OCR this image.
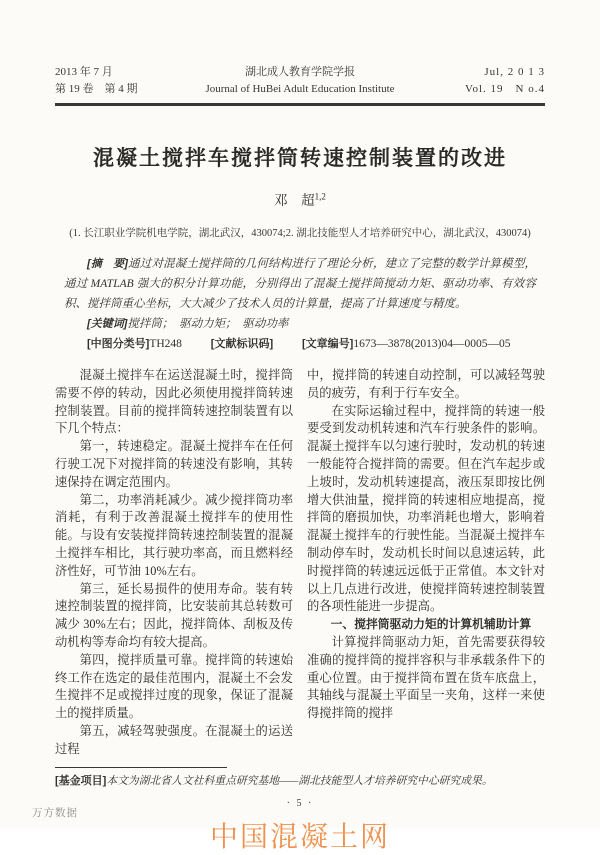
2013 年 7 月
第 19 卷　第 4 期
湖北成人教育学院学报
Journal of HuBei Adult Education Institute
Jul, 2 0 1 3
Vol. 19　N o.4
混凝土搅拌车搅拌筒转速控制装置的改进
邓　超$^{1,2}$
(1. 长江职业学院机电学院，湖北武汉，430074;2. 湖北技能型人才培养研究中心，湖北武汉，430074)
[摘　要]通过对混凝土搅拌筒的几何结构进行了理论分析，建立了完整的数学计算模型，通过 MATLAB 强大的积分计算功能，分别得出了混凝土搅拌筒搅动力矩、驱动功率、有效容积、搅拌筒重心坐标，大大减少了技术人员的计算量，提高了计算速度与精度。
[关键词]搅拌筒；　驱动力矩；　驱动功率
[中图分类号]TH248	[文献标识码]	[文章编号]1673—3878(2013)04—0005—05

混凝土搅拌车在运送混凝土时，搅拌筒需要不停的转动，因此必须使用搅拌筒转速控制装置。目前的搅拌筒转速控制装置有以下几个特点：

第一，转速稳定。混凝土搅拌车在任何行驶工况下对搅拌筒的转速没有影响，其转速保持在调定范围内。

第二，功率消耗减少。减少搅拌筒功率消耗，有利于改善混凝土搅拌车的使用性能。与设有安装搅拌筒转速控制装置的混凝土搅拌车相比，其行驶功率高，而且燃料经济性好，可节油 10%左右。

第三，延长易损件的使用寿命。装有转速控制装置的搅拌筒，比安装前其总转数可减少 30%左右；因此，搅拌筒体、刮板及传动机构等寿命均有较大提高。

第四，搅拌质量可靠。搅拌筒的转速始终工作在选定的最佳范围内，混凝土不会发生搅拌不足或搅拌过度的现象，保证了混凝土的搅拌质量。

第五，减轻驾驶强度。在混凝土的运送过程

中，搅拌筒的转速自动控制，可以减轻驾驶员的疲劳，有利于行车安全。

在实际运输过程中，搅拌筒的转速一般要受到发动机转速和汽车行驶条件的影响。混凝土搅拌车以匀速行驶时，发动机的转速一般能符合搅拌筒的需要。但在汽车起步或上坡时，发动机转速提高，液压泵即按比例增大供油量，搅拌筒的转速相应地提高，搅拌筒的磨损加快，功率消耗也增大，影响着混凝土搅拌车的行驶性能。当混凝土搅拌车制动停车时，发动机长时间以息速运转，此时搅拌筒的转速远远低于正常值。本文针对以上几点进行改进，使搅拌筒转速控制装置的各项性能进一步提高。

一、搅拌筒驱动力矩的计算机辅助计算

计算搅拌筒驱动力矩，首先需要获得较准确的搅拌筒的搅拌容积与非承载条件下的重心位置。由于搅拌筒布置在货车底盘上，其轴线与混凝土平面呈一夹角，这样一来使得搅拌筒的搅拌

[基金项目]本文为湖北省人文社科重点研究基地——湖北技能型人才培养研究中心研究成果。
· 5 ·
中国混凝土网
万方数据
